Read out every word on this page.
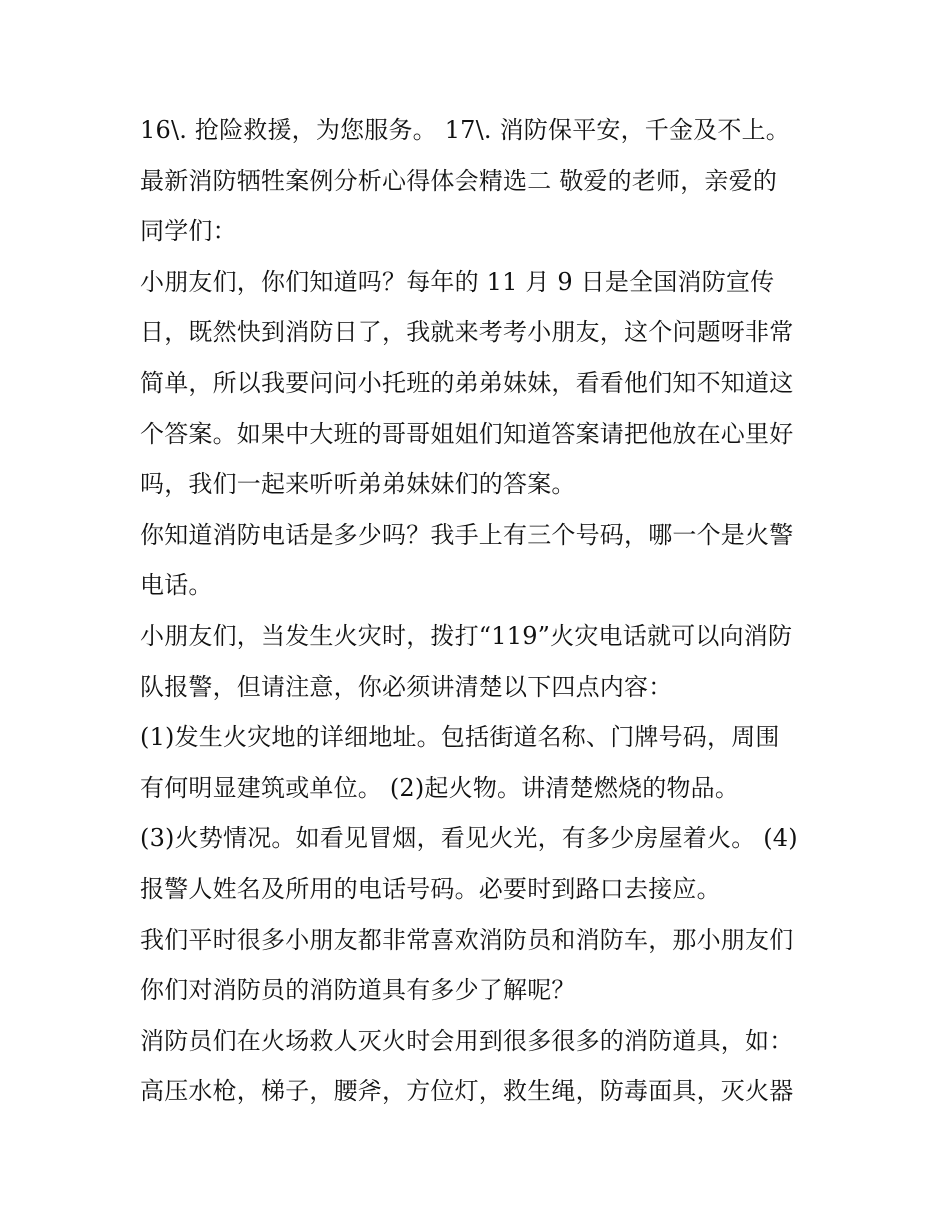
16\. 抢险救援，为您服务。 17\. 消防保平安，千金及不上。
最新消防牺牲案例分析心得体会精选二 敬爱的老师，亲爱的
同学们：
小朋友们，你们知道吗？每年的 11 月 9 日是全国消防宣传
日，既然快到消防日了，我就来考考小朋友，这个问题呀非常
简单，所以我要问问小托班的弟弟妹妹，看看他们知不知道这
个答案。如果中大班的哥哥姐姐们知道答案请把他放在心里好
吗，我们一起来听听弟弟妹妹们的答案。
你知道消防电话是多少吗？我手上有三个号码，哪一个是火警
电话。
小朋友们，当发生火灾时，拨打“119”火灾电话就可以向消防
队报警，但请注意，你必须讲清楚以下四点内容：
(1)发生火灾地的详细地址。包括街道名称、门牌号码，周围
有何明显建筑或单位。 (2)起火物。讲清楚燃烧的物品。
(3)火势情况。如看见冒烟，看见火光，有多少房屋着火。 (4)
报警人姓名及所用的电话号码。必要时到路口去接应。
我们平时很多小朋友都非常喜欢消防员和消防车，那小朋友们
你们对消防员的消防道具有多少了解呢？
消防员们在火场救人灭火时会用到很多很多的消防道具，如：
高压水枪，梯子，腰斧，方位灯，救生绳，防毒面具，灭火器
